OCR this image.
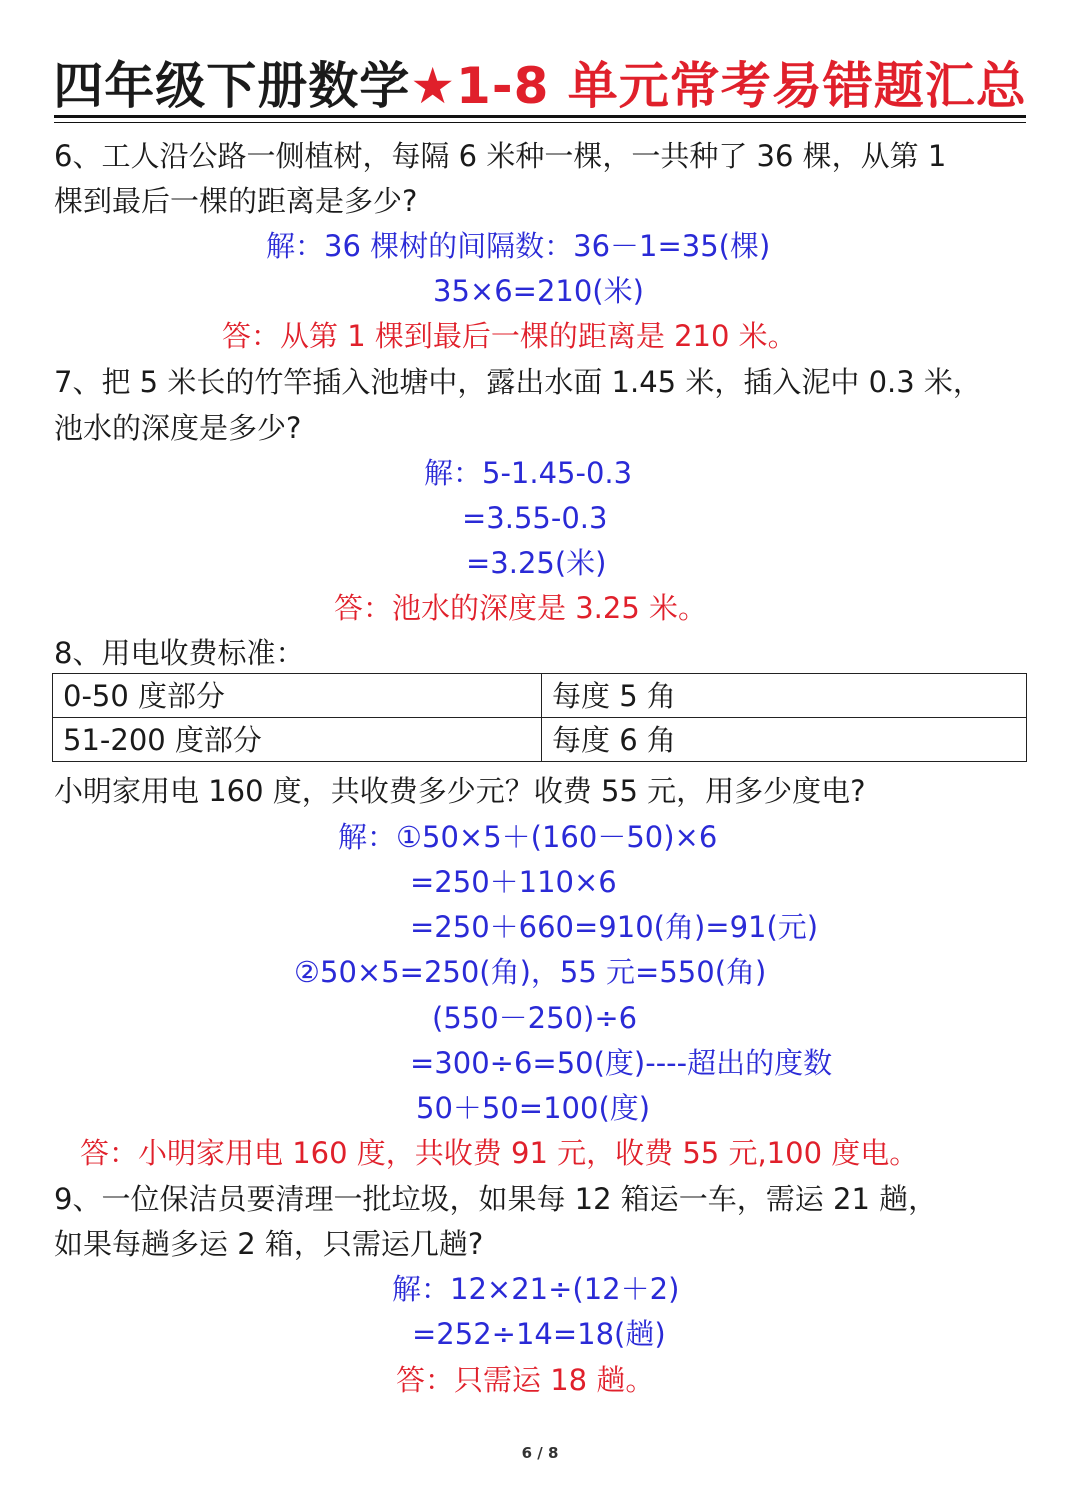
四年级下册数学★1-8 单元常考易错题汇总
6、工人沿公路一侧植树，每隔 6 米种一棵，一共种了 36 棵，从第 1
棵到最后一棵的距离是多少?
解：36 棵树的间隔数：36－1=35(棵)
35×6=210(米)
答：从第 1 棵到最后一棵的距离是 210 米。
7、把 5 米长的竹竿插入池塘中，露出水面 1.45 米，插入泥中 0.3 米，
池水的深度是多少?
解：5-1.45-0.3
=3.55-0.3
=3.25(米)
答：池水的深度是 3.25 米。
8、用电收费标准：
0-50 度部分	每度 5 角
51-200 度部分	每度 6 角
小明家用电 160 度，共收费多少元？收费 55 元，用多少度电?
解：①50×5＋(160－50)×6
=250＋110×6
=250＋660=910(角)=91(元)
②50×5=250(角)，55 元=550(角)
(550－250)÷6
=300÷6=50(度)----超出的度数
50＋50=100(度)
答：小明家用电 160 度，共收费 91 元，收费 55 元,100 度电。
9、一位保洁员要清理一批垃圾，如果每 12 箱运一车，需运 21 趟，
如果每趟多运 2 箱，只需运几趟?
解：12×21÷(12＋2)
=252÷14=18(趟)
答：只需运 18 趟。
6 / 8
